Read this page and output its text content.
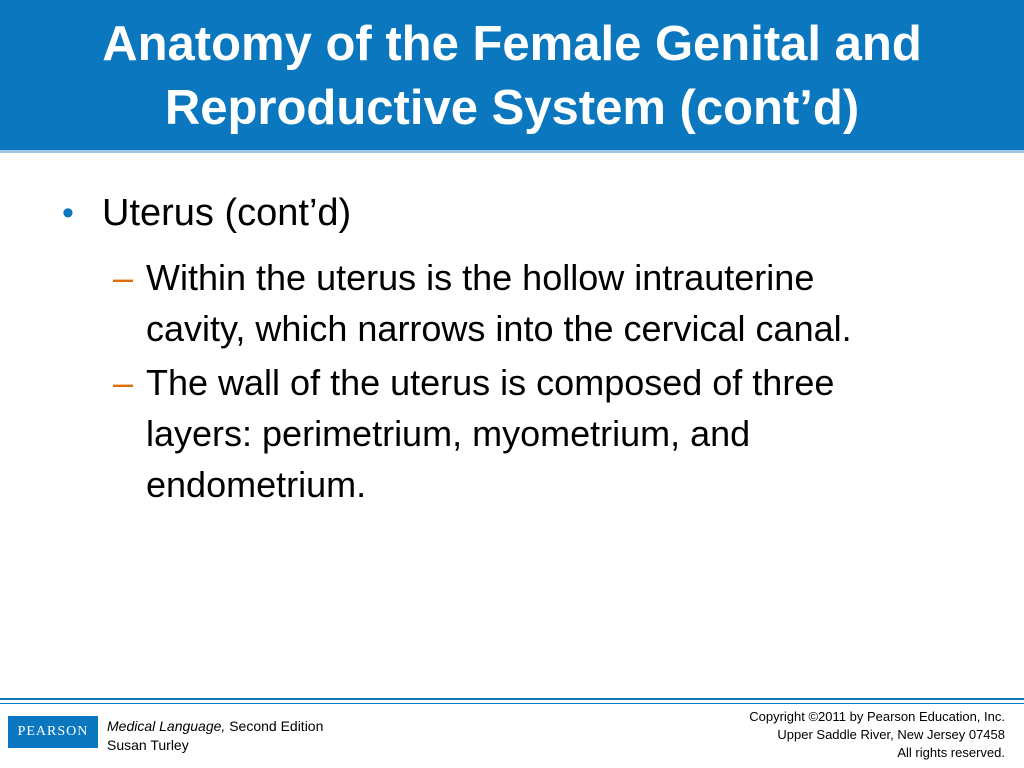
Anatomy of the Female Genital and
Reproductive System (cont’d)
• Uterus (cont’d)
– Within the uterus is the hollow intrauterine
cavity, which narrows into the cervical canal.
– The wall of the uterus is composed of three
layers: perimetrium, myometrium, and
endometrium.
PEARSON Medical Language, Second Edition
Susan Turley
Copyright ©2011 by Pearson Education, Inc.
Upper Saddle River, New Jersey 07458
All rights reserved.
